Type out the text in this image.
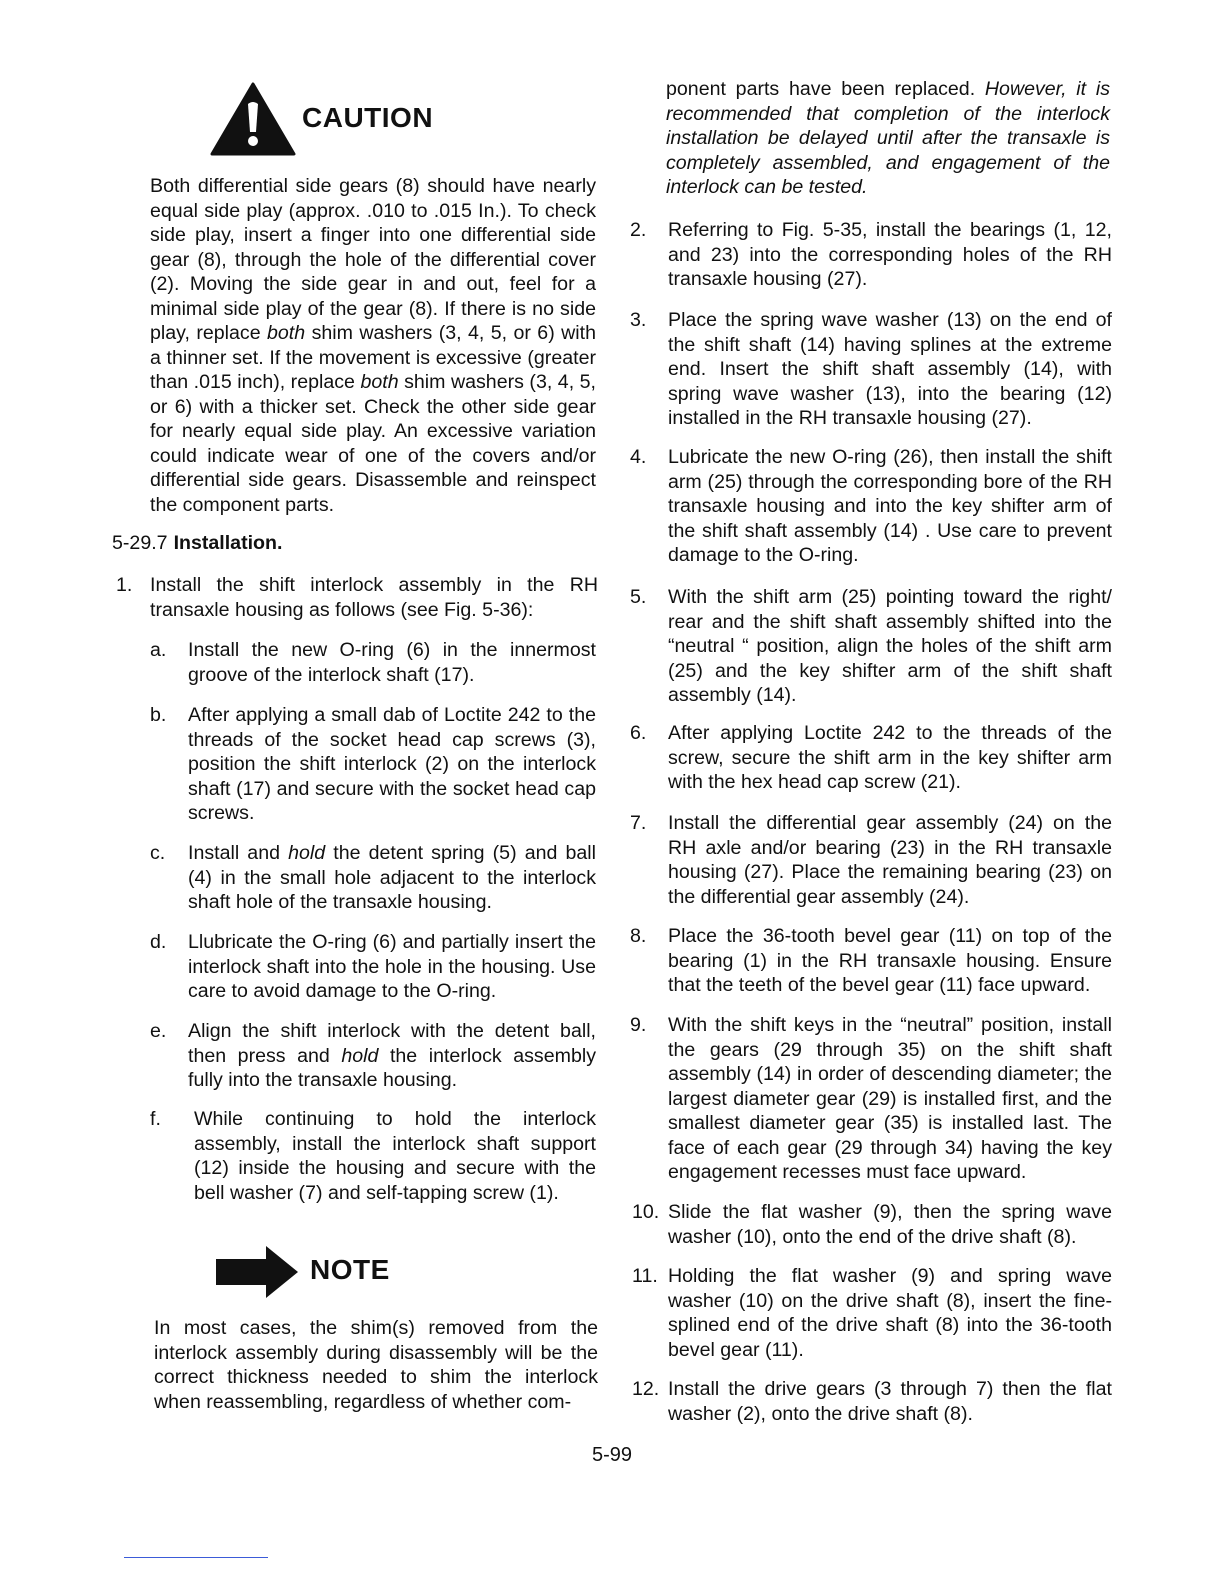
CAUTION

Both differential side gears (8) should have nearly equal side play (approx. .010 to .015 In.). To check side play, insert a finger into one differential side gear (8), through the hole of the differential cover (2). Moving the side gear in and out, feel for a minimal side play of the gear (8). If there is no side play, replace both shim washers (3, 4, 5, or 6) with a thinner set. If the movement is excessive (greater than .015 inch), replace both shim washers (3, 4, 5, or 6) with a thicker set. Check the other side gear for nearly equal side play. An excessive variation could indicate wear of one of the covers and/or differential side gears. Disassemble and reinspect the component parts.

5-29.7 Installation.
1. Install the shift interlock assembly in the RH transaxle housing as follows (see Fig. 5-36):

a. Install the new O-ring (6) in the innermost groove of the interlock shaft (17).

b. After applying a small dab of Loctite 242 to the threads of the socket head cap screws (3), position the shift interlock (2) on the interlock shaft (17) and secure with the socket head cap screws.

c. Install and hold the detent spring (5) and ball (4) in the small hole adjacent to the interlock shaft hole of the transaxle housing.

d. Llubricate the O-ring (6) and partially insert the interlock shaft into the hole in the housing. Use care to avoid damage to the O-ring.

e. Align the shift interlock with the detent ball, then press and hold the interlock assembly fully into the transaxle housing.

f. While continuing to hold the interlock assembly, install the interlock shaft support (12) inside the housing and secure with the bell washer (7) and self-tapping screw (1).

NOTE

In most cases, the shim(s) removed from the interlock assembly during disassembly will be the correct thickness needed to shim the interlock when reassembling, regardless of whether com-

ponent parts have been replaced. However, it is recommended that completion of the interlock installation be delayed until after the transaxle is completely assembled, and engagement of the interlock can be tested.

2. Referring to Fig. 5-35, install the bearings (1, 12, and 23) into the corresponding holes of the RH transaxle housing (27).

3. Place the spring wave washer (13) on the end of the shift shaft (14) having splines at the extreme end. Insert the shift shaft assembly (14), with spring wave washer (13), into the bearing (12) installed in the RH transaxle housing (27).

4. Lubricate the new O-ring (26), then install the shift arm (25) through the corresponding bore of the RH transaxle housing and into the key shifter arm of the shift shaft assembly (14) . Use care to prevent damage to the O-ring.

5. With the shift arm (25) pointing toward the right/ rear and the shift shaft assembly shifted into the “neutral “ position, align the holes of the shift arm (25) and the key shifter arm of the shift shaft assembly (14).

6. After applying Loctite 242 to the threads of the screw, secure the shift arm in the key shifter arm with the hex head cap screw (21).

7. Install the differential gear assembly (24) on the RH axle and/or bearing (23) in the RH transaxle housing (27). Place the remaining bearing (23) on the differential gear assembly (24).

8. Place the 36-tooth bevel gear (11) on top of the bearing (1) in the RH transaxle housing. Ensure that the teeth of the bevel gear (11) face upward.

9. With the shift keys in the “neutral” position, install the gears (29 through 35) on the shift shaft assembly (14) in order of descending diameter; the largest diameter gear (29) is installed first, and the smallest diameter gear (35) is installed last. The face of each gear (29 through 34) having the key engagement recesses must face upward.

10. Slide the flat washer (9), then the spring wave washer (10), onto the end of the drive shaft (8).

11. Holding the flat washer (9) and spring wave washer (10) on the drive shaft (8), insert the fine-splined end of the drive shaft (8) into the 36-tooth bevel gear (11).

12. Install the drive gears (3 through 7) then the flat washer (2), onto the drive shaft (8).

5-99
